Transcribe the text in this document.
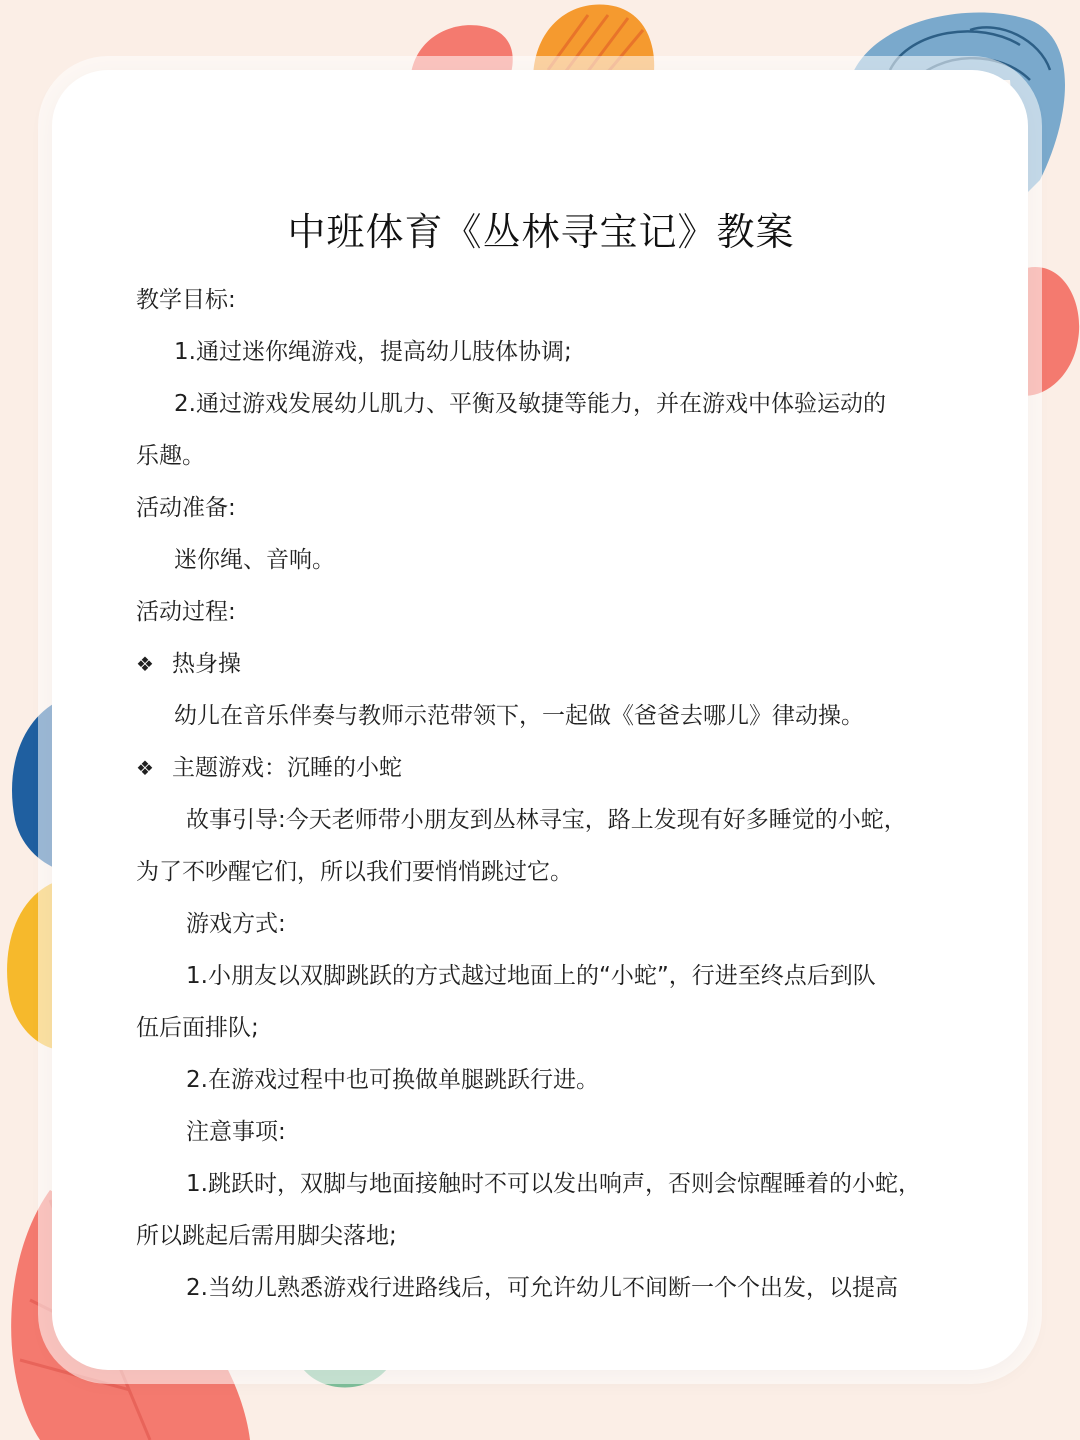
中班体育《丛林寻宝记》教案
教学目标:
1.通过迷你绳游戏，提高幼儿肢体协调;
2.通过游戏发展幼儿肌力、平衡及敏捷等能力，并在游戏中体验运动的
乐趣。
活动准备:
迷你绳、音响。
活动过程:
❖ 热身操
幼儿在音乐伴奏与教师示范带领下，一起做《爸爸去哪儿》律动操。
❖ 主题游戏：沉睡的小蛇
故事引导:今天老师带小朋友到丛林寻宝，路上发现有好多睡觉的小蛇，
为了不吵醒它们，所以我们要悄悄跳过它。
游戏方式:
1.小朋友以双脚跳跃的方式越过地面上的“小蛇”，行进至终点后到队
伍后面排队;
2.在游戏过程中也可换做单腿跳跃行进。
注意事项:
1.跳跃时，双脚与地面接触时不可以发出响声，否则会惊醒睡着的小蛇，
所以跳起后需用脚尖落地;
2.当幼儿熟悉游戏行进路线后，可允许幼儿不间断一个个出发，以提高
